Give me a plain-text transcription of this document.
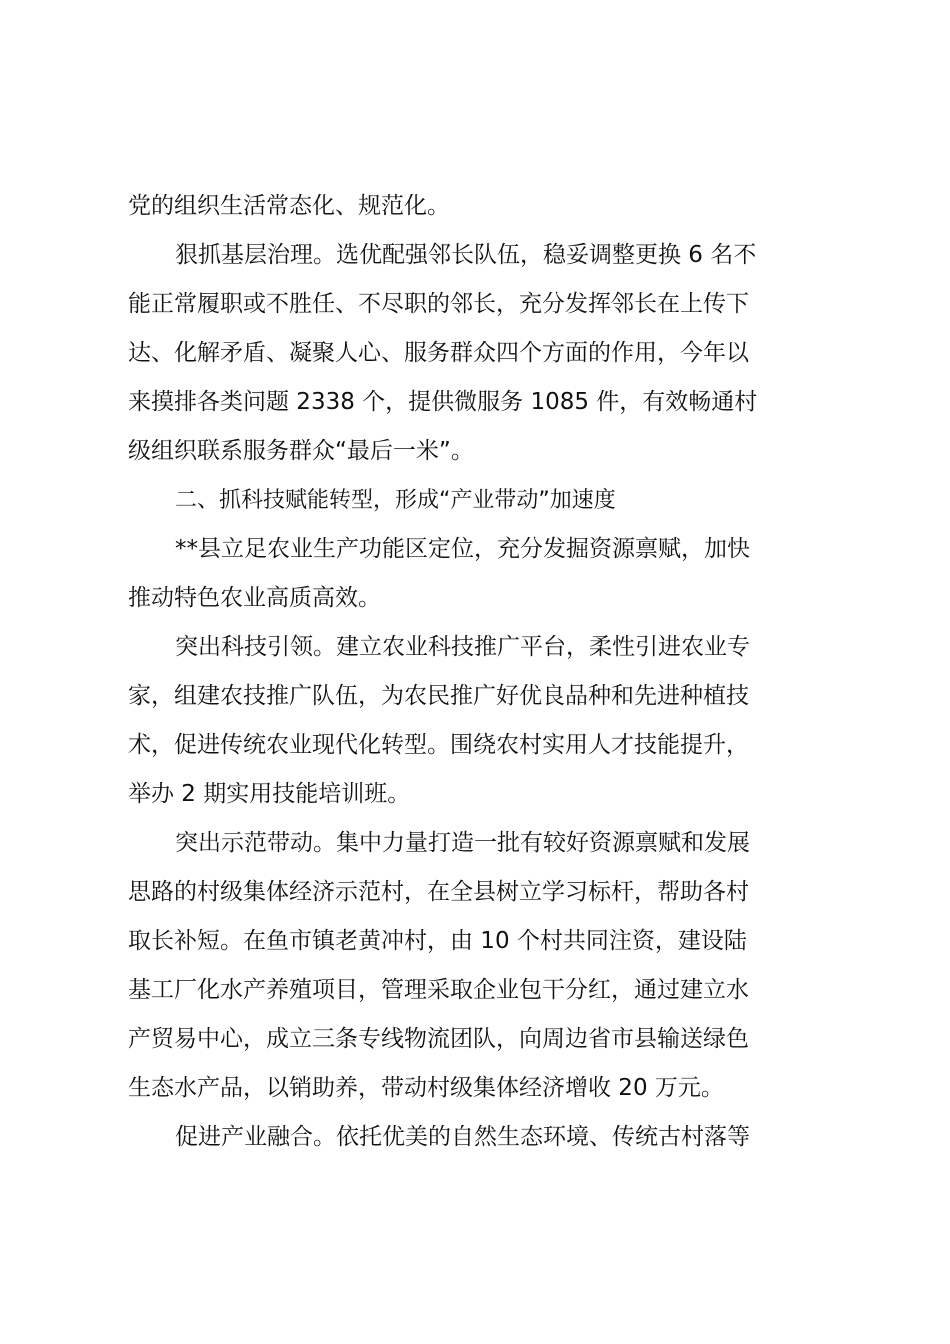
党的组织生活常态化、规范化。
狠抓基层治理。选优配强邻长队伍，稳妥调整更换 6 名不
能正常履职或不胜任、不尽职的邻长，充分发挥邻长在上传下
达、化解矛盾、凝聚人心、服务群众四个方面的作用，今年以
来摸排各类问题 2338 个，提供微服务 1085 件，有效畅通村
级组织联系服务群众“最后一米”。
二、抓科技赋能转型，形成“产业带动”加速度
**县立足农业生产功能区定位，充分发掘资源禀赋，加快
推动特色农业高质高效。
突出科技引领。建立农业科技推广平台，柔性引进农业专
家，组建农技推广队伍，为农民推广好优良品种和先进种植技
术，促进传统农业现代化转型。围绕农村实用人才技能提升，
举办 2 期实用技能培训班。
突出示范带动。集中力量打造一批有较好资源禀赋和发展
思路的村级集体经济示范村，在全县树立学习标杆，帮助各村
取长补短。在鱼市镇老黄冲村，由 10 个村共同注资，建设陆
基工厂化水产养殖项目，管理采取企业包干分红，通过建立水
产贸易中心，成立三条专线物流团队，向周边省市县输送绿色
生态水产品，以销助养，带动村级集体经济增收 20 万元。
促进产业融合。依托优美的自然生态环境、传统古村落等
